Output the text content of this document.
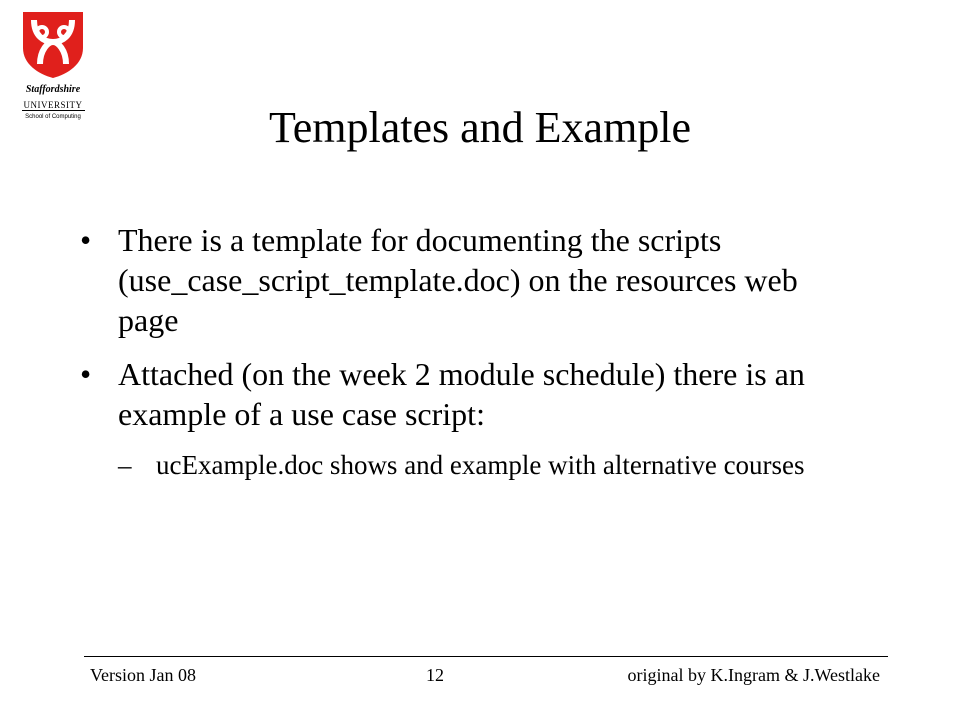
Staffordshire
UNIVERSITY
School of Computing	Templates and Example
• There is a template for documenting the scripts (use_case_script_template.doc) on the resources web page
• Attached (on the week 2 module schedule) there is an example of a use case script:
– ucExample.doc shows and example with alternative courses
Version Jan 08	12	original by K.Ingram & J.Westlake
